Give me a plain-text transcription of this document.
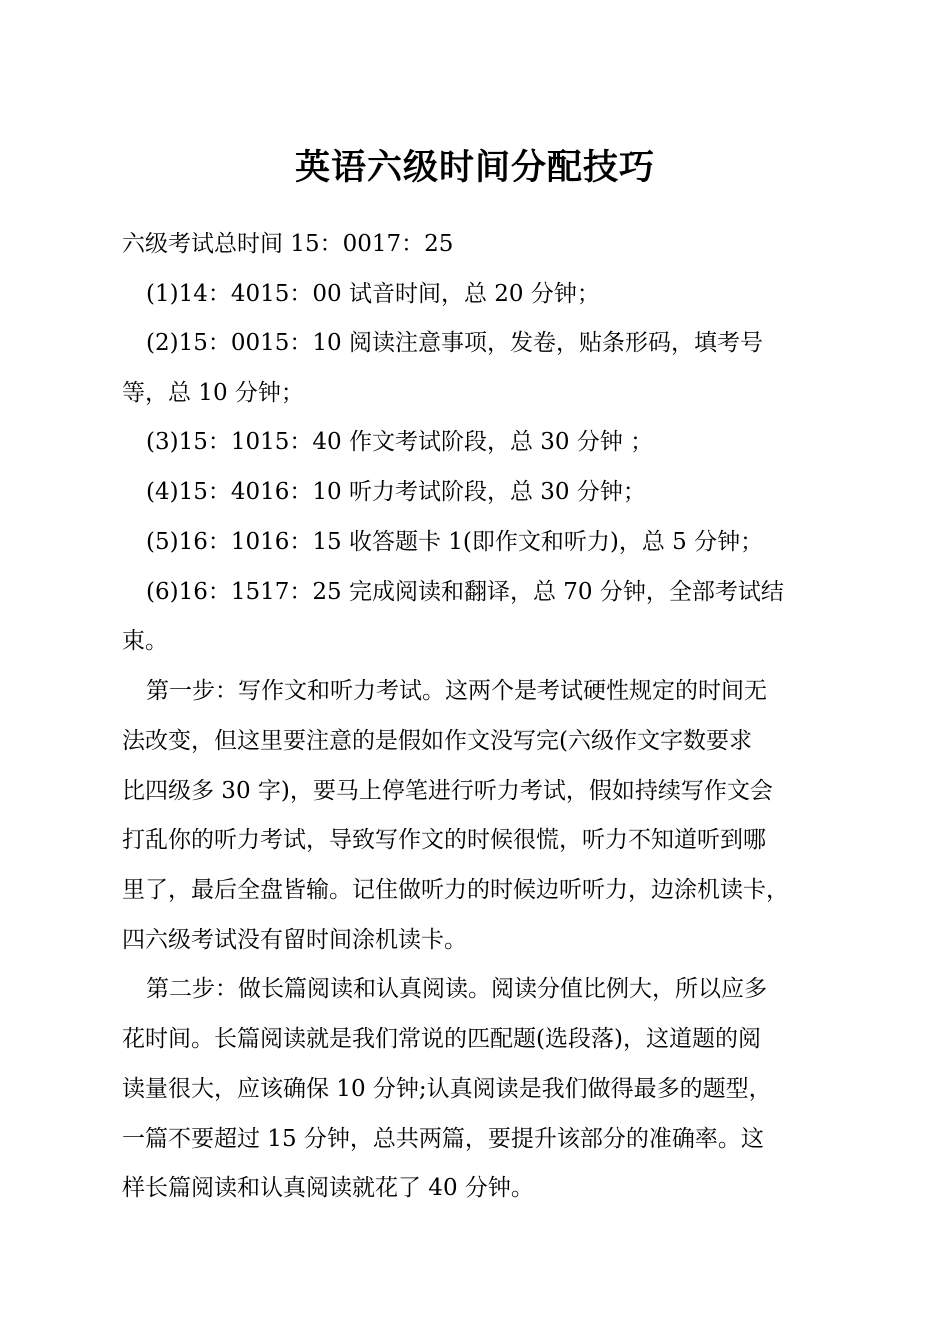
英语六级时间分配技巧
六级考试总时间 15：0017：25
(1)14：4015：00 试音时间，总 20 分钟；
(2)15：0015：10 阅读注意事项，发卷，贴条形码，填考号
等，总 10 分钟；
(3)15：1015：40 作文考试阶段，总 30 分钟 ；
(4)15：4016：10 听力考试阶段，总 30 分钟；
(5)16：1016：15 收答题卡 1(即作文和听力)，总 5 分钟；
(6)16：1517：25 完成阅读和翻译，总 70 分钟，全部考试结
束。
第一步：写作文和听力考试。这两个是考试硬性规定的时间无
法改变，但这里要注意的是假如作文没写完(六级作文字数要求
比四级多 30 字)，要马上停笔进行听力考试，假如持续写作文会
打乱你的听力考试，导致写作文的时候很慌，听力不知道听到哪
里了，最后全盘皆输。记住做听力的时候边听听力，边涂机读卡，
四六级考试没有留时间涂机读卡。
第二步：做长篇阅读和认真阅读。阅读分值比例大，所以应多
花时间。长篇阅读就是我们常说的匹配题(选段落)，这道题的阅
读量很大，应该确保 10 分钟;认真阅读是我们做得最多的题型，
一篇不要超过 15 分钟，总共两篇，要提升该部分的准确率。这
样长篇阅读和认真阅读就花了 40 分钟。
